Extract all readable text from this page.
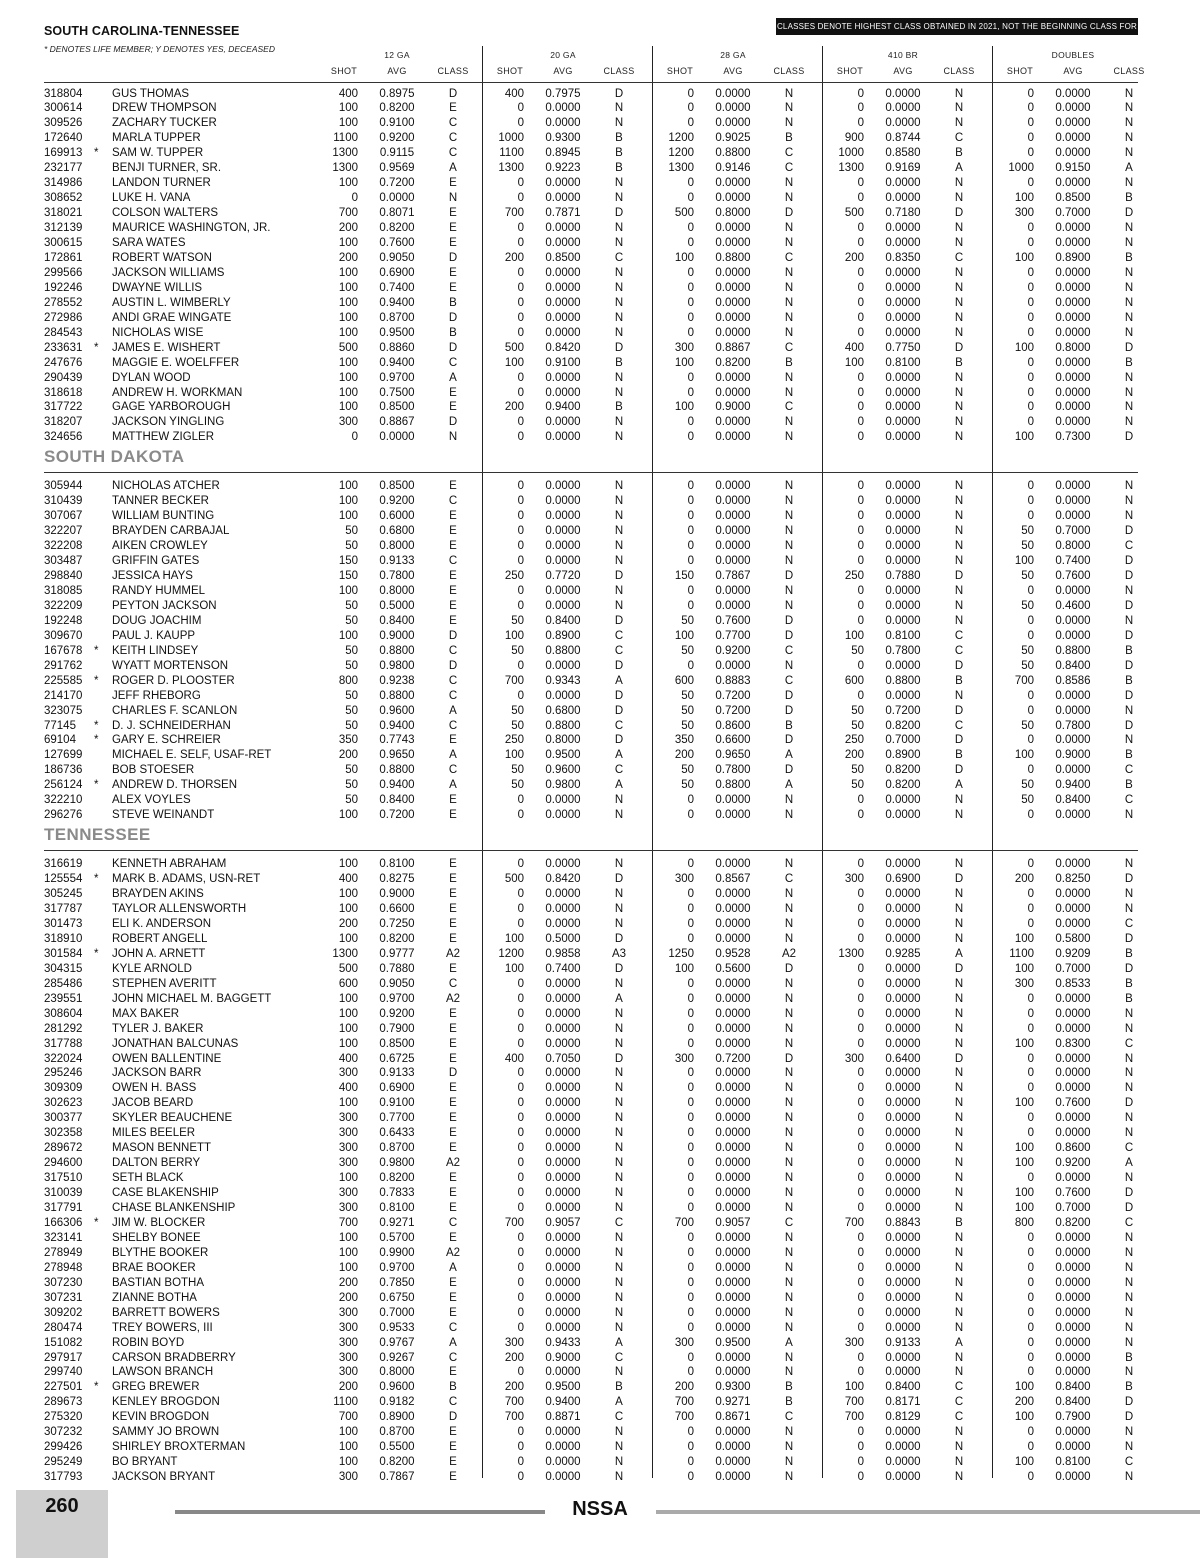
SOUTH CAROLINA-TENNESSEE
* DENOTES LIFE MEMBER; Y DENOTES YES, DECEASED
CLASSES DENOTE HIGHEST CLASS OBTAINED IN 2021, NOT THE BEGINNING CLASS FOR 2022.
12 GA
SHOT	AVG	CLASS
20 GA
SHOT	AVG	CLASS
28 GA
SHOT	AVG	CLASS
410 BR
SHOT	AVG	CLASS
DOUBLES
SHOT	AVG	CLASS
318804	GUS THOMAS	400 0.8975	D	400 0.7975	D	0 0.0000	N	0 0.0000	N	0 0.0000	N
300614	DREW THOMPSON	100 0.8200	E	0 0.0000	N	0 0.0000	N	0 0.0000	N	0 0.0000	N
309526	ZACHARY TUCKER	100 0.9100	C	0 0.0000	N	0 0.0000	N	0 0.0000	N	0 0.0000	N
172640	MARLA TUPPER	1100 0.9200	C	1000 0.9300	B	1200 0.9025	B	900 0.8744	C	0 0.0000	N
169913 * SAM W. TUPPER	1300 0.9115	C	1100 0.8945	B	1200 0.8800	C	1000 0.8580	B	0 0.0000	N
232177	BENJI TURNER, SR.	1300 0.9569	A	1300 0.9223	B	1300 0.9146	C	1300 0.9169	A	1000 0.9150	A
314986	LANDON TURNER	100 0.7200	E	0 0.0000	N	0 0.0000	N	0 0.0000	N	0 0.0000	N
308652	LUKE H. VANA	0 0.0000	N	0 0.0000	N	0 0.0000	N	0 0.0000	N	100 0.8500	B
318021	COLSON WALTERS	700 0.8071	E	700 0.7871	D	500 0.8000	D	500 0.7180	D	300 0.7000	D
312139	MAURICE WASHINGTON, JR.	200 0.8200	E	0 0.0000	N	0 0.0000	N	0 0.0000	N	0 0.0000	N
300615	SARA WATES	100 0.7600	E	0 0.0000	N	0 0.0000	N	0 0.0000	N	0 0.0000	N
172861	ROBERT WATSON	200 0.9050	D	200 0.8500	C	100 0.8800	C	200 0.8350	C	100 0.8900	B
299566	JACKSON WILLIAMS	100 0.6900	E	0 0.0000	N	0 0.0000	N	0 0.0000	N	0 0.0000	N
192246	DWAYNE WILLIS	100 0.7400	E	0 0.0000	N	0 0.0000	N	0 0.0000	N	0 0.0000	N
278552	AUSTIN L. WIMBERLY	100 0.9400	B	0 0.0000	N	0 0.0000	N	0 0.0000	N	0 0.0000	N
272986	ANDI GRAE WINGATE	100 0.8700	D	0 0.0000	N	0 0.0000	N	0 0.0000	N	0 0.0000	N
284543	NICHOLAS WISE	100 0.9500	B	0 0.0000	N	0 0.0000	N	0 0.0000	N	0 0.0000	N
233631 * JAMES E. WISHERT	500 0.8860	D	500 0.8420	D	300 0.8867	C	400 0.7750	D	100 0.8000	D
247676	MAGGIE E. WOELFFER	100 0.9400	C	100 0.9100	B	100 0.8200	B	100 0.8100	B	0 0.0000	B
290439	DYLAN WOOD	100 0.9700	A	0 0.0000	N	0 0.0000	N	0 0.0000	N	0 0.0000	N
318618	ANDREW H. WORKMAN	100 0.7500	E	0 0.0000	N	0 0.0000	N	0 0.0000	N	0 0.0000	N
317722	GAGE YARBOROUGH	100 0.8500	E	200 0.9400	B	100 0.9000	C	0 0.0000	N	0 0.0000	N
318207	JACKSON YINGLING	300 0.8867	D	0 0.0000	N	0 0.0000	N	0 0.0000	N	0 0.0000	N
324656	MATTHEW ZIGLER	0 0.0000	N	0 0.0000	N	0 0.0000	N	0 0.0000	N	100 0.7300	D
SOUTH DAKOTA
305944	NICHOLAS ATCHER	100 0.8500	E	0 0.0000	N	0 0.0000	N	0 0.0000	N	0 0.0000	N
310439	TANNER BECKER	100 0.9200	C	0 0.0000	N	0 0.0000	N	0 0.0000	N	0 0.0000	N
307067	WILLIAM BUNTING	100 0.6000	E	0 0.0000	N	0 0.0000	N	0 0.0000	N	0 0.0000	N
322207	BRAYDEN CARBAJAL	50 0.6800	E	0 0.0000	N	0 0.0000	N	0 0.0000	N	50 0.7000	D
322208	AIKEN CROWLEY	50 0.8000	E	0 0.0000	N	0 0.0000	N	0 0.0000	N	50 0.8000	C
303487	GRIFFIN GATES	150 0.9133	C	0 0.0000	N	0 0.0000	N	0 0.0000	N	100 0.7400	D
298840	JESSICA HAYS	150 0.7800	E	250 0.7720	D	150 0.7867	D	250 0.7880	D	50 0.7600	D
318085	RANDY HUMMEL	100 0.8000	E	0 0.0000	N	0 0.0000	N	0 0.0000	N	0 0.0000	N
322209	PEYTON JACKSON	50 0.5000	E	0 0.0000	N	0 0.0000	N	0 0.0000	N	50 0.4600	D
192248	DOUG JOACHIM	50 0.8400	E	50 0.8400	D	50 0.7600	D	0 0.0000	N	0 0.0000	N
309670	PAUL J. KAUPP	100 0.9000	D	100 0.8900	C	100 0.7700	D	100 0.8100	C	0 0.0000	D
167678 * KEITH LINDSEY	50 0.8800	C	50 0.8800	C	50 0.9200	C	50 0.7800	C	50 0.8800	B
291762	WYATT MORTENSON	50 0.9800	D	0 0.0000	D	0 0.0000	N	0 0.0000	D	50 0.8400	D
225585 * ROGER D. PLOOSTER	800 0.9238	C	700 0.9343	A	600 0.8883	C	600 0.8800	B	700 0.8586	B
214170	JEFF RHEBORG	50 0.8800	C	0 0.0000	D	50 0.7200	D	0 0.0000	N	0 0.0000	D
323075	CHARLES F. SCANLON	50 0.9600	A	50 0.6800	D	50 0.7200	D	50 0.7200	D	0 0.0000	N
77145 * D. J. SCHNEIDERHAN	50 0.9400	C	50 0.8800	C	50 0.8600	B	50 0.8200	C	50 0.7800	D
69104 * GARY E. SCHREIER	350 0.7743	E	250 0.8000	D	350 0.6600	D	250 0.7000	D	0 0.0000	N
127699	MICHAEL E. SELF, USAF-RET	200 0.9650	A	100 0.9500	A	200 0.9650	A	200 0.8900	B	100 0.9000	B
186736	BOB STOESER	50 0.8800	C	50 0.9600	C	50 0.7800	D	50 0.8200	D	0 0.0000	C
256124 * ANDREW D. THORSEN	50 0.9400	A	50 0.9800	A	50 0.8800	A	50 0.8200	A	50 0.9400	B
322210	ALEX VOYLES	50 0.8400	E	0 0.0000	N	0 0.0000	N	0 0.0000	N	50 0.8400	C
296276	STEVE WEINANDT	100 0.7200	E	0 0.0000	N	0 0.0000	N	0 0.0000	N	0 0.0000	N
TENNESSEE
316619	KENNETH ABRAHAM	100 0.8100	E	0 0.0000	N	0 0.0000	N	0 0.0000	N	0 0.0000	N
125554 * MARK B. ADAMS, USN-RET	400 0.8275	E	500 0.8420	D	300 0.8567	C	300 0.6900	D	200 0.8250	D
305245	BRAYDEN AKINS	100 0.9000	E	0 0.0000	N	0 0.0000	N	0 0.0000	N	0 0.0000	N
317787	TAYLOR ALLENSWORTH	100 0.6600	E	0 0.0000	N	0 0.0000	N	0 0.0000	N	0 0.0000	N
301473	ELI K. ANDERSON	200 0.7250	E	0 0.0000	N	0 0.0000	N	0 0.0000	N	0 0.0000	C
318910	ROBERT ANGELL	100 0.8200	E	100 0.5000	D	0 0.0000	N	0 0.0000	N	100 0.5800	D
301584 * JOHN A. ARNETT	1300 0.9777	A2	1200 0.9858	A3	1250 0.9528	A2	1300 0.9285	A	1100 0.9209	B
304315	KYLE ARNOLD	500 0.7880	E	100 0.7400	D	100 0.5600	D	0 0.0000	D	100 0.7000	D
285486	STEPHEN AVERITT	600 0.9050	C	0 0.0000	N	0 0.0000	N	0 0.0000	N	300 0.8533	B
239551	JOHN MICHAEL M. BAGGETT	100 0.9700	A2	0 0.0000	A	0 0.0000	N	0 0.0000	N	0 0.0000	B
308604	MAX BAKER	100 0.9200	E	0 0.0000	N	0 0.0000	N	0 0.0000	N	0 0.0000	N
281292	TYLER J. BAKER	100 0.7900	E	0 0.0000	N	0 0.0000	N	0 0.0000	N	0 0.0000	N
317788	JONATHAN BALCUNAS	100 0.8500	E	0 0.0000	N	0 0.0000	N	0 0.0000	N	100 0.8300	C
322024	OWEN BALLENTINE	400 0.6725	E	400 0.7050	D	300 0.7200	D	300 0.6400	D	0 0.0000	N
295246	JACKSON BARR	300 0.9133	D	0 0.0000	N	0 0.0000	N	0 0.0000	N	0 0.0000	N
309309	OWEN H. BASS	400 0.6900	E	0 0.0000	N	0 0.0000	N	0 0.0000	N	0 0.0000	N
302623	JACOB BEARD	100 0.9100	E	0 0.0000	N	0 0.0000	N	0 0.0000	N	100 0.7600	D
300377	SKYLER BEAUCHENE	300 0.7700	E	0 0.0000	N	0 0.0000	N	0 0.0000	N	0 0.0000	N
302358	MILES BEELER	300 0.6433	E	0 0.0000	N	0 0.0000	N	0 0.0000	N	0 0.0000	N
289672	MASON BENNETT	300 0.8700	E	0 0.0000	N	0 0.0000	N	0 0.0000	N	100 0.8600	C
294600	DALTON BERRY	300 0.9800	A2	0 0.0000	N	0 0.0000	N	0 0.0000	N	100 0.9200	A
317510	SETH BLACK	100 0.8200	E	0 0.0000	N	0 0.0000	N	0 0.0000	N	0 0.0000	N
310039	CASE BLAKENSHIP	300 0.7833	E	0 0.0000	N	0 0.0000	N	0 0.0000	N	100 0.7600	D
317791	CHASE BLANKENSHIP	300 0.8100	E	0 0.0000	N	0 0.0000	N	0 0.0000	N	100 0.7000	D
166306 * JIM W. BLOCKER	700 0.9271	C	700 0.9057	C	700 0.9057	C	700 0.8843	B	800 0.8200	C
323141	SHELBY BONEE	100 0.5700	E	0 0.0000	N	0 0.0000	N	0 0.0000	N	0 0.0000	N
278949	BLYTHE BOOKER	100 0.9900	A2	0 0.0000	N	0 0.0000	N	0 0.0000	N	0 0.0000	N
278948	BRAE BOOKER	100 0.9700	A	0 0.0000	N	0 0.0000	N	0 0.0000	N	0 0.0000	N
307230	BASTIAN BOTHA	200 0.7850	E	0 0.0000	N	0 0.0000	N	0 0.0000	N	0 0.0000	N
307231	ZIANNE BOTHA	200 0.6750	E	0 0.0000	N	0 0.0000	N	0 0.0000	N	0 0.0000	N
309202	BARRETT BOWERS	300 0.7000	E	0 0.0000	N	0 0.0000	N	0 0.0000	N	0 0.0000	N
280474	TREY BOWERS, III	300 0.9533	C	0 0.0000	N	0 0.0000	N	0 0.0000	N	0 0.0000	N
151082	ROBIN BOYD	300 0.9767	A	300 0.9433	A	300 0.9500	A	300 0.9133	A	0 0.0000	N
297917	CARSON BRADBERRY	300 0.9267	C	200 0.9000	C	0 0.0000	N	0 0.0000	N	0 0.0000	B
299740	LAWSON BRANCH	300 0.8000	E	0 0.0000	N	0 0.0000	N	0 0.0000	N	0 0.0000	N
227501 * GREG BREWER	200 0.9600	B	200 0.9500	B	200 0.9300	B	100 0.8400	C	100 0.8400	B
289673	KENLEY BROGDON	1100 0.9182	C	700 0.9400	A	700 0.9271	B	700 0.8171	C	200 0.8400	D
275320	KEVIN BROGDON	700 0.8900	D	700 0.8871	C	700 0.8671	C	700 0.8129	C	100 0.7900	D
307232	SAMMY JO BROWN	100 0.8700	E	0 0.0000	N	0 0.0000	N	0 0.0000	N	0 0.0000	N
299426	SHIRLEY BROXTERMAN	100 0.5500	E	0 0.0000	N	0 0.0000	N	0 0.0000	N	0 0.0000	N
295249	BO BRYANT	100 0.8200	E	0 0.0000	N	0 0.0000	N	0 0.0000	N	100 0.8100	C
317793	JACKSON BRYANT	300 0.7867	E	0 0.0000	N	0 0.0000	N	0 0.0000	N	0 0.0000	N
260	NSSA
